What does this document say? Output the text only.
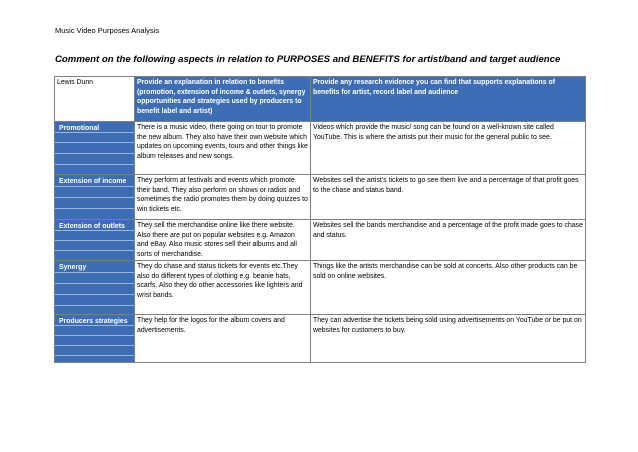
Music Video Purposes Analysis
Comment on the following aspects in relation to PURPOSES and BENEFITS for artist/band and target audience
Lewis Dunn	Provide an explanation in relation to benefits (promotion, extension of income & outlets, synergy opportunities and strategies used by producers to benefit label and artist)	Provide any research evidence you can find that supports explanations of benefits for artist, record label and audience

Promotional	There is a music video, there going on tour to promote the new album. They also have their own website which updates on upcoming events, tours and other things like album releases and new songs.	Videos which provide the music/ song can be found on a well-known site called YouTube. This is where the artists put their music for the general public to see.

Extension of income	They perform at festivals and events which promote their band. They also perform on shows or radios and sometimes the radio promotes them by doing quizzes to win tickets etc.	Websites sell the artist’s tickets to go see them live and a percentage of that profit goes to the chase and status band.

Extension of outlets	They sell the merchandise online like there website. Also there are put on popular websites e.g. Amazon and eBay. Also music stores sell their albums and all sorts of merchandise.	Websites sell the bands merchandise and a percentage of the profit made goes to chase and status.

Synergy	They do chase and status tickets for events etc.They also do different types of clothing e.g. beanie hats, scarfs. Also they do other accessories like lighters and wrist bands.	Things like the artists merchandise can be sold at concerts. Also other products can be sold on online websites.

Producers strategies	They help for the logos for the album covers and advertisements.	They can advertise the tickets being sold using advertisements on YouTube or be put on websites for customers to buy.
